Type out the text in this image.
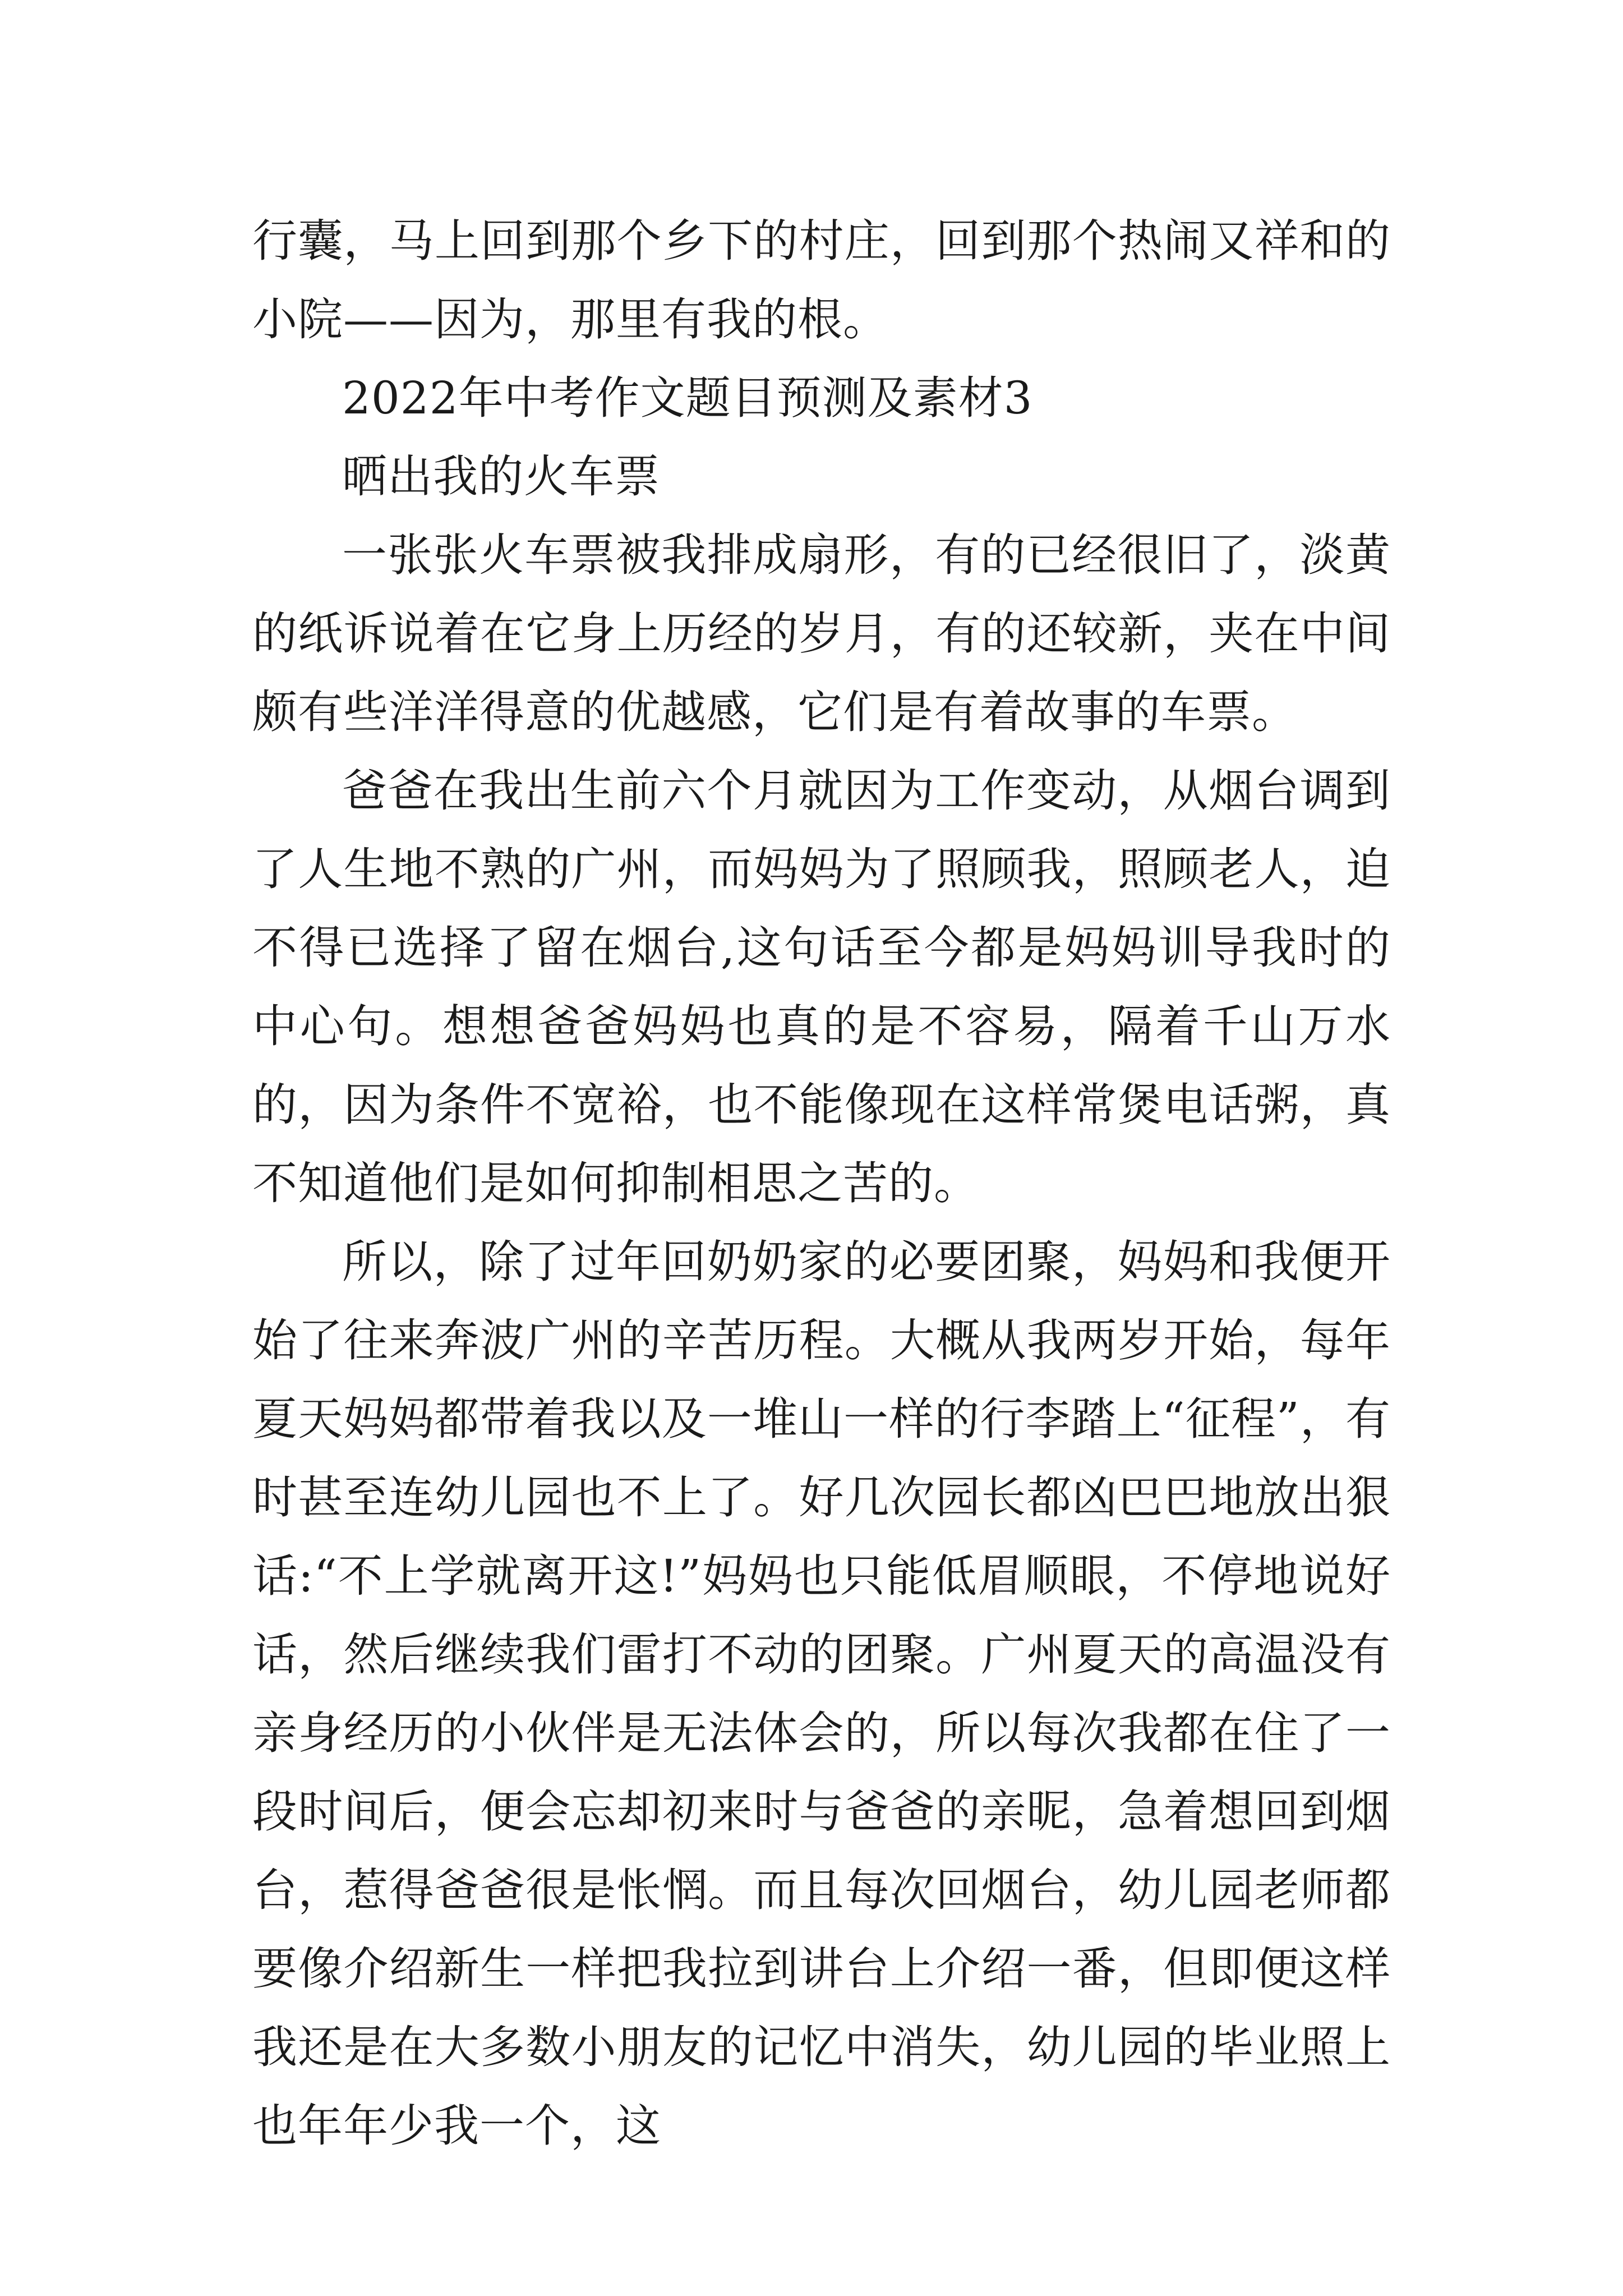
行囊，马上回到那个乡下的村庄，回到那个热闹又祥和的小院——因为，那里有我的根。

2022年中考作文题目预测及素材3

晒出我的火车票

一张张火车票被我排成扇形，有的已经很旧了，淡黄的纸诉说着在它身上历经的岁月，有的还较新，夹在中间颇有些洋洋得意的优越感，它们是有着故事的车票。

爸爸在我出生前六个月就因为工作变动，从烟台调到了人生地不熟的广州，而妈妈为了照顾我，照顾老人，迫不得已选择了留在烟台,这句话至今都是妈妈训导我时的中心句。想想爸爸妈妈也真的是不容易，隔着千山万水的，因为条件不宽裕，也不能像现在这样常煲电话粥，真不知道他们是如何抑制相思之苦的。

所以，除了过年回奶奶家的必要团聚，妈妈和我便开始了往来奔波广州的辛苦历程。大概从我两岁开始，每年夏天妈妈都带着我以及一堆山一样的行李踏上“征程”，有时甚至连幼儿园也不上了。好几次园长都凶巴巴地放出狠话:“不上学就离开这!”妈妈也只能低眉顺眼，不停地说好话，然后继续我们雷打不动的团聚。广州夏天的高温没有亲身经历的小伙伴是无法体会的，所以每次我都在住了一段时间后，便会忘却初来时与爸爸的亲昵，急着想回到烟台，惹得爸爸很是怅惘。而且每次回烟台，幼儿园老师都要像介绍新生一样把我拉到讲台上介绍一番，但即便这样我还是在大多数小朋友的记忆中消失，幼儿园的毕业照上也年年少我一个，这
